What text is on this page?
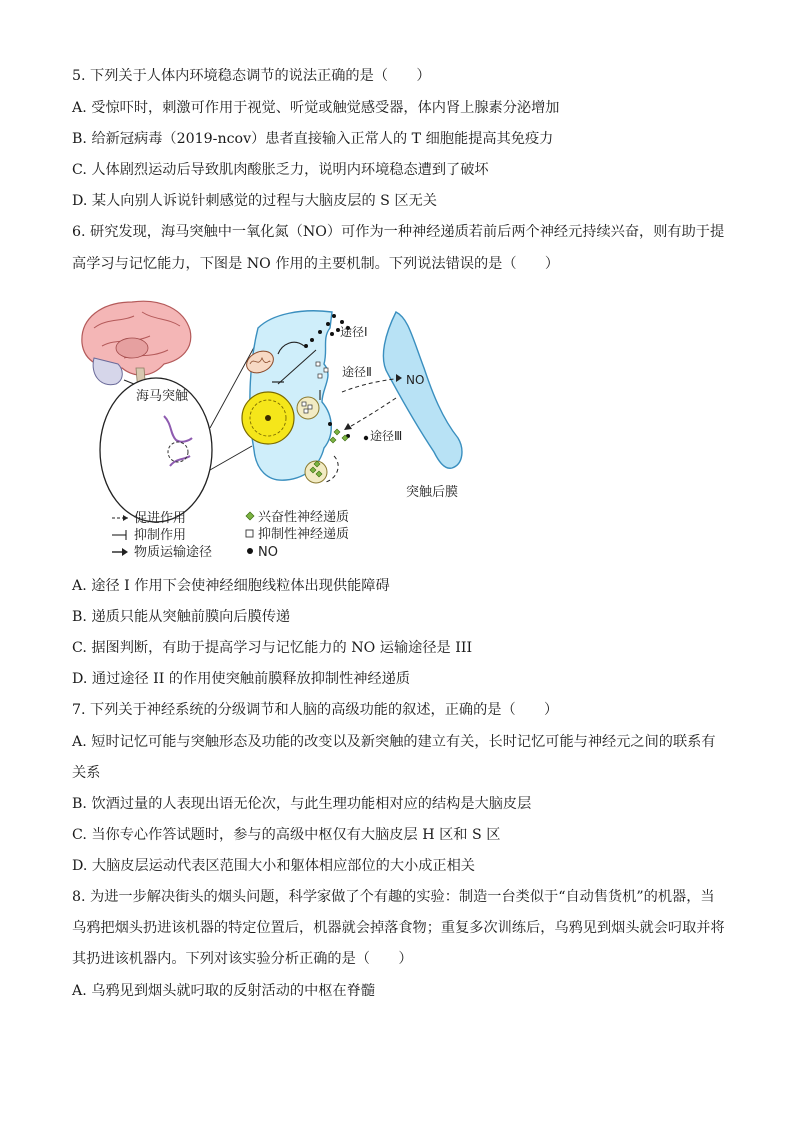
5. 下列关于人体内环境稳态调节的说法正确的是（　　）
A. 受惊吓时，刺激可作用于视觉、听觉或触觉感受器，体内肾上腺素分泌增加
B. 给新冠病毒（2019-ncov）患者直接输入正常人的 T 细胞能提高其免疫力
C. 人体剧烈运动后导致肌肉酸胀乏力，说明内环境稳态遭到了破坏
D. 某人向别人诉说针刺感觉的过程与大脑皮层的 S 区无关
6. 研究发现，海马突触中一氧化氮（NO）可作为一种神经递质若前后两个神经元持续兴奋，则有助于提
高学习与记忆能力，下图是 NO 作用的主要机制。下列说法错误的是（　　）
海马突触
途径Ⅰ
途径Ⅱ
NO
途径Ⅲ
突触后膜
促进作用
抑制作用
物质运输途径
兴奋性神经递质
抑制性神经递质
NO
A. 途径 I 作用下会使神经细胞线粒体出现供能障碍
B. 递质只能从突触前膜向后膜传递
C. 据图判断，有助于提高学习与记忆能力的 NO 运输途径是 III
D. 通过途径 II 的作用使突触前膜释放抑制性神经递质
7. 下列关于神经系统的分级调节和人脑的高级功能的叙述，正确的是（　　）
A. 短时记忆可能与突触形态及功能的改变以及新突触的建立有关，长时记忆可能与神经元之间的联系有
关系
B. 饮酒过量的人表现出语无伦次，与此生理功能相对应的结构是大脑皮层
C. 当你专心作答试题时，参与的高级中枢仅有大脑皮层 H 区和 S 区
D. 大脑皮层运动代表区范围大小和躯体相应部位的大小成正相关
8. 为进一步解决街头的烟头问题，科学家做了个有趣的实验：制造一台类似于“自动售货机”的机器，当
乌鸦把烟头扔进该机器的特定位置后，机器就会掉落食物；重复多次训练后，乌鸦见到烟头就会叼取并将
其扔进该机器内。下列对该实验分析正确的是（　　）
A. 乌鸦见到烟头就叼取的反射活动的中枢在脊髓
